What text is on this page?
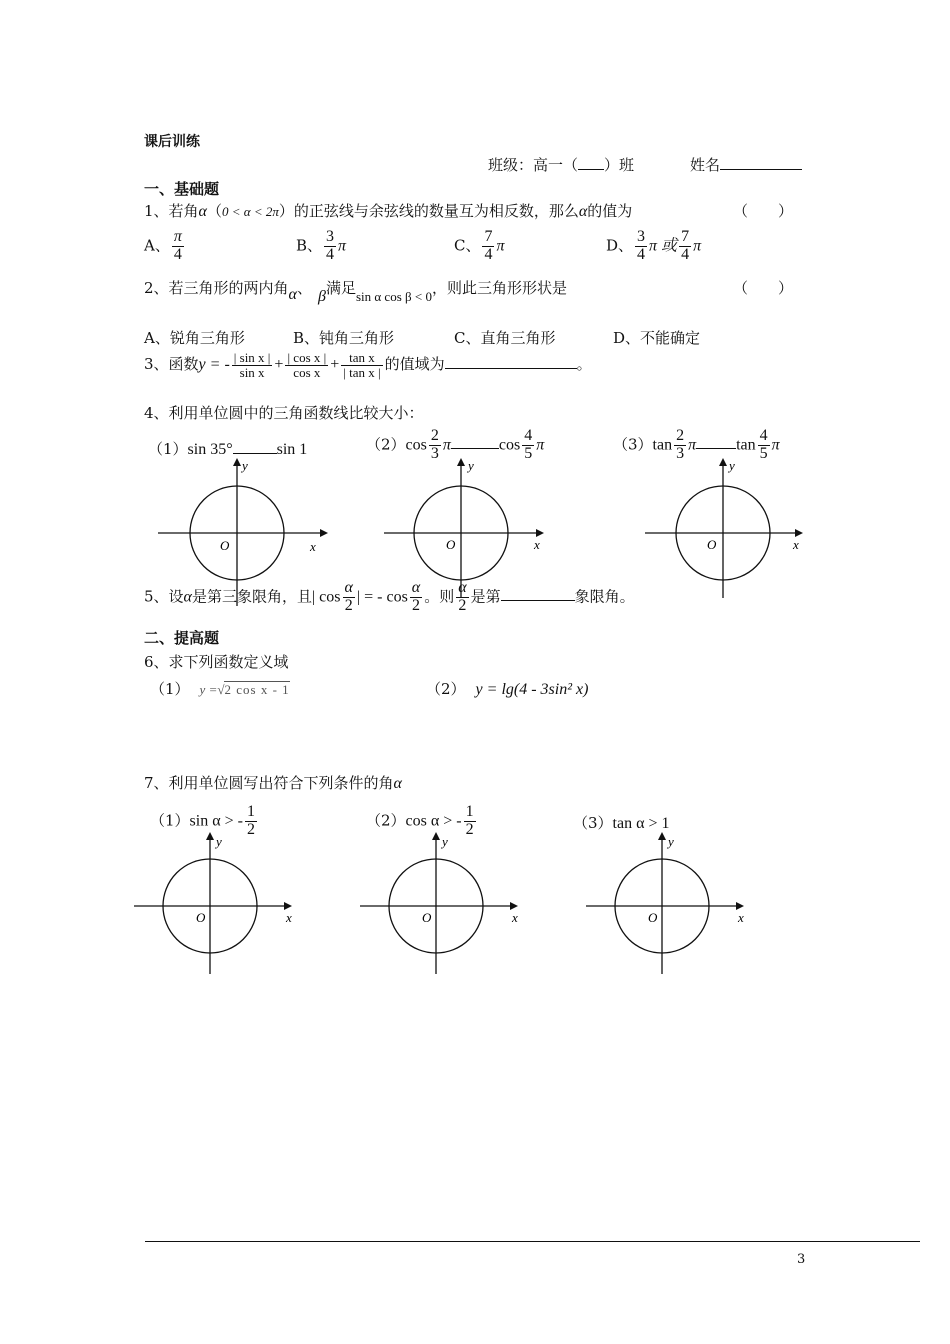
课后训练
班级：高一（ ）班	姓名
一、基础题
1、若角α（0 < α < 2π）的正弦线与余弦线的数量互为相反数，那么α的值为	（　　）
A、 $\frac{\pi}{4}$	B、 $\frac{3}{4}$ π	C、 $\frac{7}{4}$ π	D、 $\frac{3}{4}$ π 或 $\frac{7}{4}$ π
2、若三角形的两内角α、 β满足sin α cos β < 0，则此三角形形状是	（　　）
A、锐角三角形	B、钝角三角形	C、直角三角形	D、不能确定
3、函数y = - $\frac{\text{| sin x |}}{\text{sin x}} + \frac{\text{| cos x |}}{\text{cos x}} + \frac{\text{tan x}}{\text{| tan x |}}$ 的值域为	。
4、利用单位圆中的三角函数线比较大小：
（1）sin 35°	sin 1	$(2)\cos \frac{2}{3}$ π	$\cos \frac{4}{5}$ π	$(3)\tan \frac{2}{3}$ π	$\tan \frac{4}{5}$ π
y
x
O
y
x
O
y
x
O
5、设α是第三象限角，且| $\cos \frac{\alpha}{2}$ | = - $\cos \frac{\alpha}{2}$ 。则 $\frac{\alpha}{2}$ 是第	象限角。
二、提高题
6、求下列函数定义域
（1） y =√2 cos x - 1	（2） y = lg(4 - 3sin² x)
7、利用单位圆写出符合下列条件的角α
（1）sin α > - $\frac{1}{2}$	（2）cos α > - $\frac{1}{2}$	（3）tan α > 1
y
x
O
y
x
O
y
x
O
3
